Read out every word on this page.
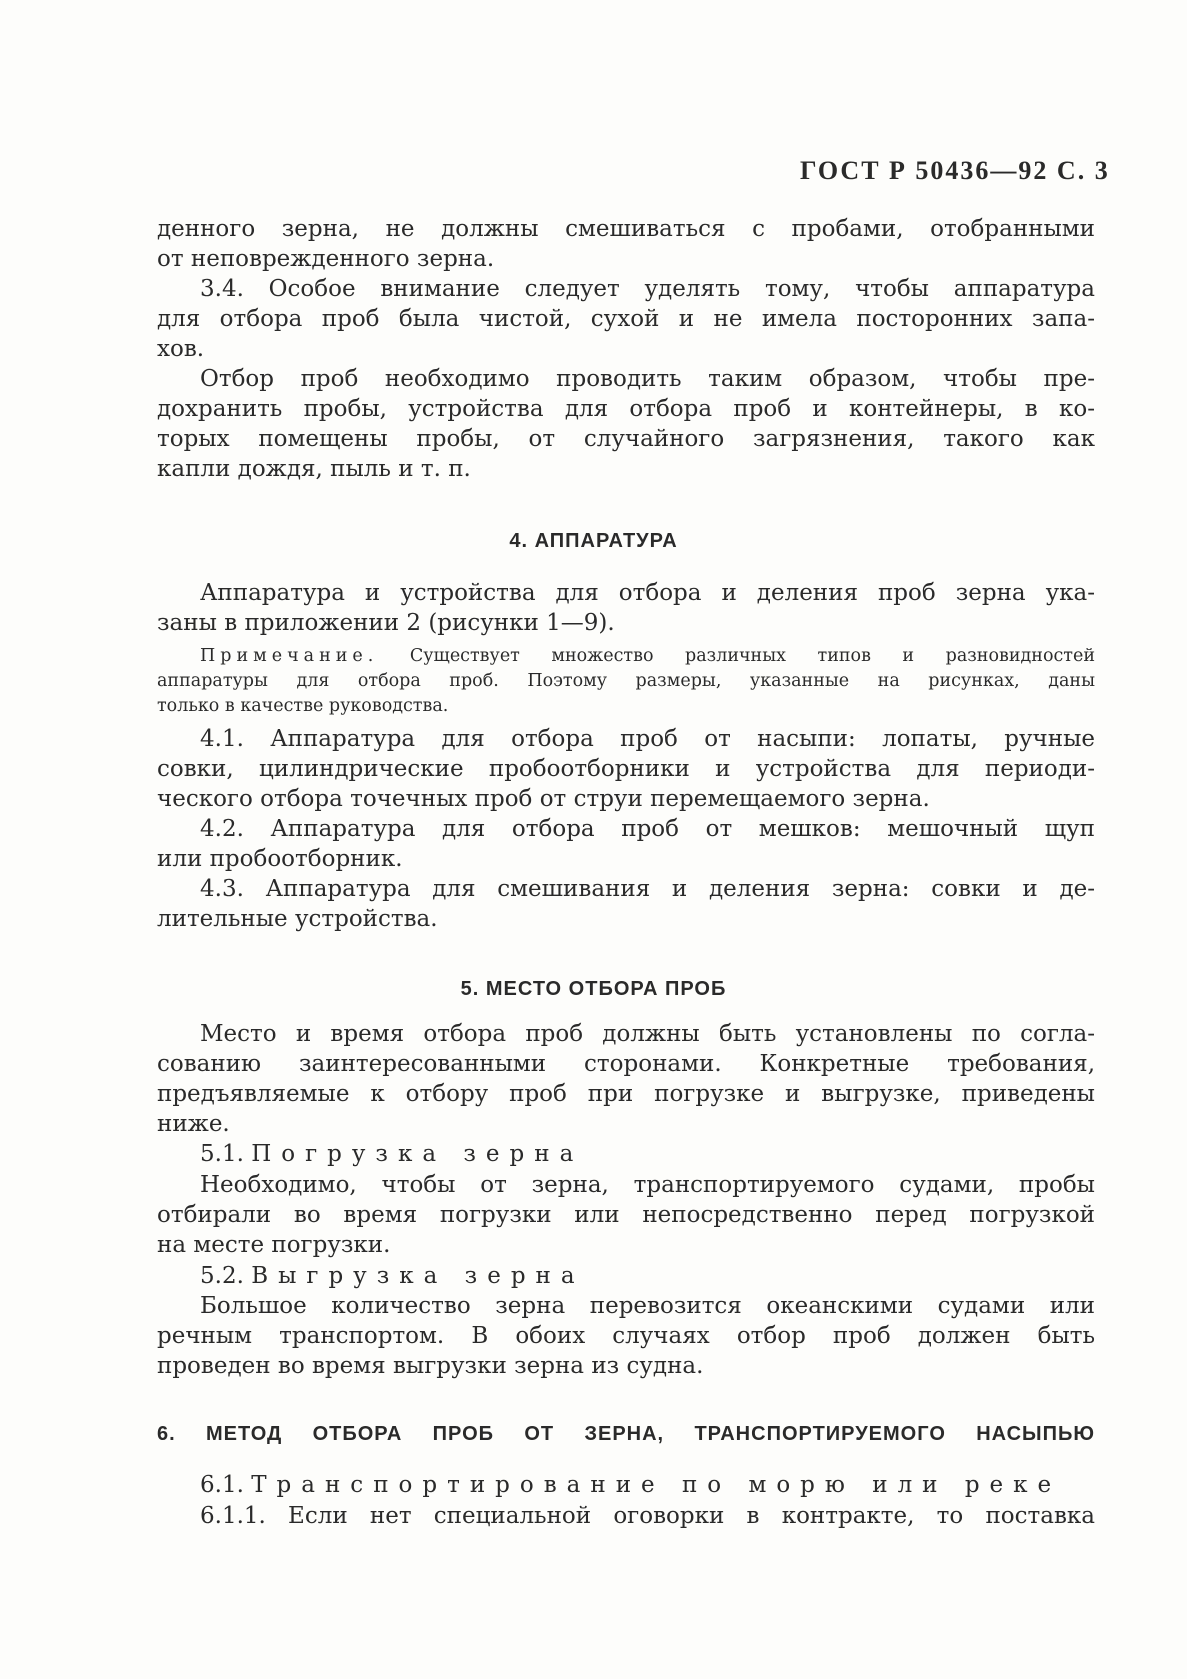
ГОСТ Р 50436—92 С. 3
денного зерна, не должны смешиваться с пробами, отобранными
от неповрежденного зерна.
3.4. Особое внимание следует уделять тому, чтобы аппаратура
для отбора проб была чистой, сухой и не имела посторонних запа-
хов.
Отбор проб необходимо проводить таким образом, чтобы пре-
дохранить пробы, устройства для отбора проб и контейнеры, в ко-
торых помещены пробы, от случайного загрязнения, такого как
капли дождя, пыль и т. п.
4. АППАРАТУРА
Аппаратура и устройства для отбора и деления проб зерна ука-
заны в приложении 2 (рисунки 1—9).
Примечание. Существует множество различных типов и разновидностей
аппаратуры для отбора проб. Поэтому размеры, указанные на рисунках, даны
только в качестве руководства.
4.1. Аппаратура для отбора проб от насыпи: лопаты, ручные
совки, цилиндрические пробоотборники и устройства для периоди-
ческого отбора точечных проб от струи перемещаемого зерна.
4.2. Аппаратура для отбора проб от мешков: мешочный щуп
или пробоотборник.
4.3. Аппаратура для смешивания и деления зерна: совки и де-
лительные устройства.
5. МЕСТО ОТБОРА ПРОБ
Место и время отбора проб должны быть установлены по согла-
сованию заинтересованными сторонами. Конкретные требования,
предъявляемые к отбору проб при погрузке и выгрузке, приведены
ниже.
5.1. Погрузка зерна
Необходимо, чтобы от зерна, транспортируемого судами, пробы
отбирали во время погрузки или непосредственно перед погрузкой
на месте погрузки.
5.2. Выгрузка зерна
Большое количество зерна перевозится океанскими судами или
речным транспортом. В обоих случаях отбор проб должен быть
проведен во время выгрузки зерна из судна.
6. МЕТОД ОТБОРА ПРОБ ОТ ЗЕРНА, ТРАНСПОРТИРУЕМОГО НАСЫПЬЮ
6.1. Транспортирование по морю или реке
6.1.1. Если нет специальной оговорки в контракте, то поставка
